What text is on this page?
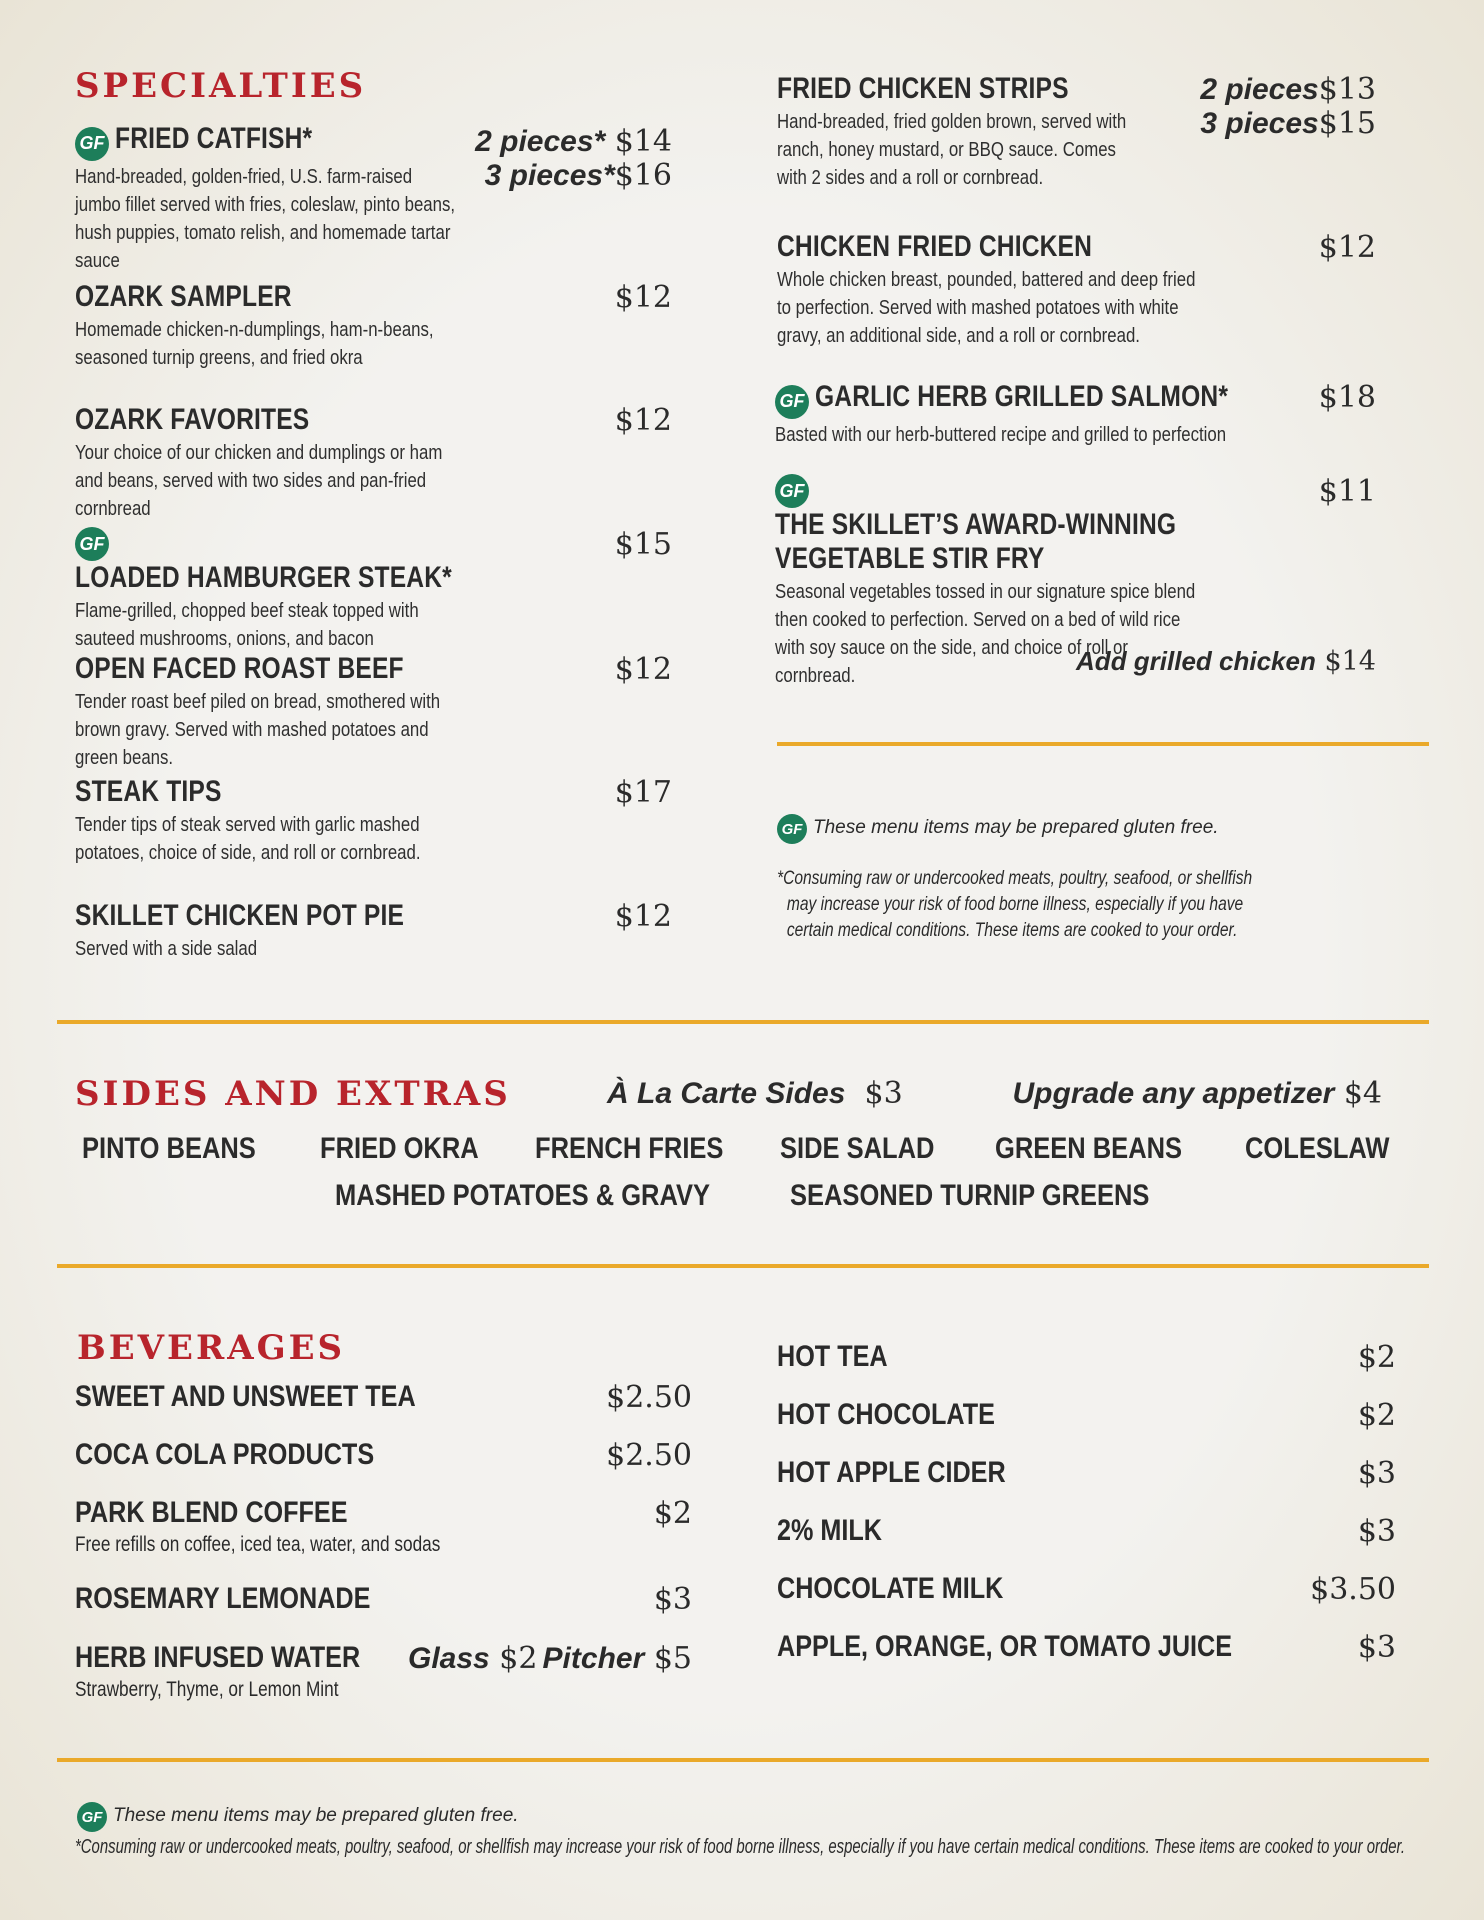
SPECIALTIES
GF FRIED CATFISH*

Hand-breaded, golden-fried, U.S. farm-raised jumbo fillet served with fries, coleslaw, pinto beans, hush puppies, tomato relish, and homemade tartar sauce

2 pieces* $14
3 pieces*$16
OZARK SAMPLER

Homemade chicken-n-dumplings, ham-n-beans, seasoned turnip greens, and fried okra

$12
OZARK FAVORITES

Your choice of our chicken and dumplings or ham and beans, served with two sides and pan-fried cornbread

$12
GFLOADED HAMBURGER STEAK*

Flame-grilled, chopped beef steak topped with sauteed mushrooms, onions, and bacon

$15
OPEN FACED ROAST BEEF

Tender roast beef piled on bread, smothered with brown gravy. Served with mashed potatoes and green beans.

$12
STEAK TIPS

Tender tips of steak served with garlic mashed potatoes, choice of side, and roll or cornbread.

$17
SKILLET CHICKEN POT PIE

Served with a side salad

$12
FRIED CHICKEN STRIPS

Hand-breaded, fried golden brown, served with ranch, honey mustard, or BBQ sauce. Comes with 2 sides and a roll or cornbread.

2 pieces$13
3 pieces$15
CHICKEN FRIED CHICKEN

Whole chicken breast, pounded, battered and deep fried to perfection. Served with mashed potatoes with white gravy, an additional side, and a roll or cornbread.

$12
GF GARLIC HERB GRILLED SALMON*

Basted with our herb-buttered recipe and grilled to perfection

$18
GFTHE SKILLET’S AWARD-WINNING
VEGETABLE STIR FRY

Seasonal vegetables tossed in our signature spice blend then cooked to perfection. Served on a bed of wild rice with soy sauce on the side, and choice of roll or cornbread.

$11
Add grilled chicken $14
GF These menu items may be prepared gluten free.
*Consuming raw or undercooked meats, poultry, seafood, or shellfish
may increase your risk of food borne illness, especially if you have
certain medical conditions. These items are cooked to your order.
SIDES AND EXTRAS	À La Carte Sides $3	Upgrade any appetizer $4
PINTO BEANS FRIED OKRA FRENCH FRIES SIDE SALAD GREEN BEANS COLESLAW
MASHED POTATOES & GRAVY	SEASONED TURNIP GREENS
BEVERAGES
SWEET AND UNSWEET TEA	$2.50
COCA COLA PRODUCTS	$2.50
PARK BLEND COFFEE	$2
Free refills on coffee, iced tea, water, and sodas
ROSEMARY LEMONADE	$3
HERB INFUSED WATER Glass $2 Pitcher $5
Strawberry, Thyme, or Lemon Mint
HOT TEA	$2
HOT CHOCOLATE	$2
HOT APPLE CIDER	$3
2% MILK	$3
CHOCOLATE MILK	$3.50
APPLE, ORANGE, OR TOMATO JUICE	$3
GF These menu items may be prepared gluten free.
*Consuming raw or undercooked meats, poultry, seafood, or shellfish may increase your risk of food borne illness, especially if you have certain medical conditions. These items are cooked to your order.
